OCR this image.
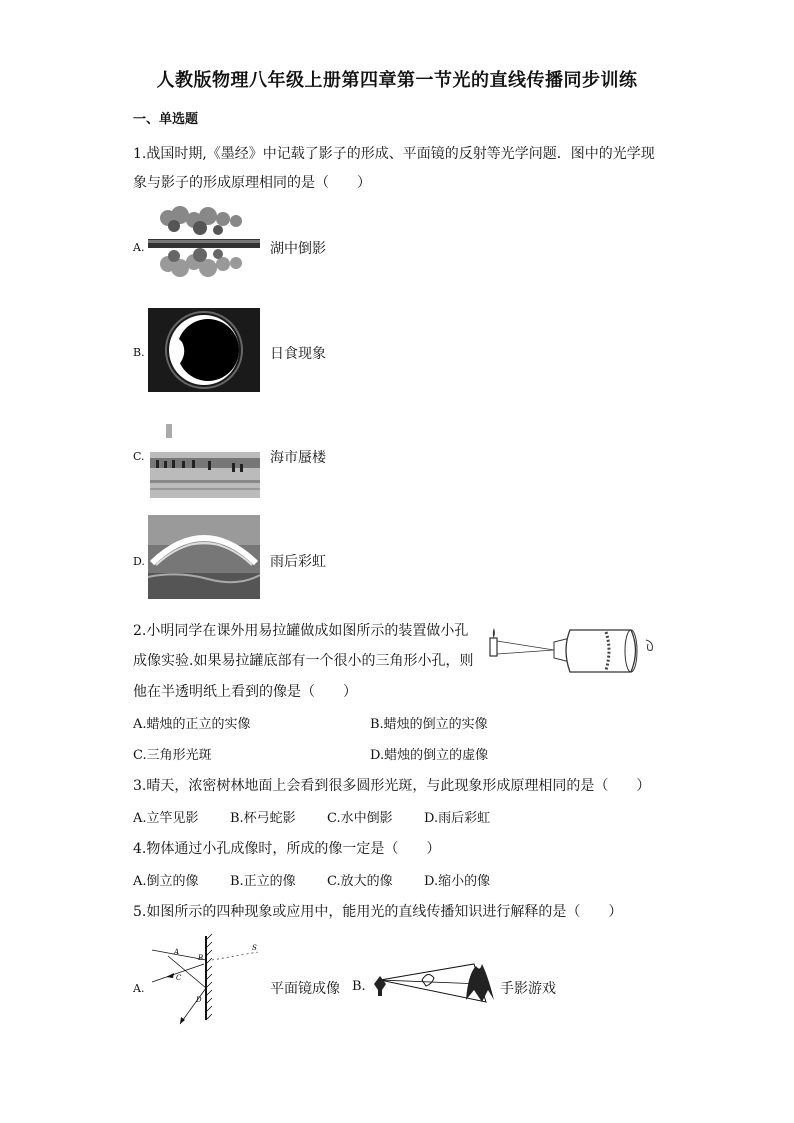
人教版物理八年级上册第四章第一节光的直线传播同步训练
一、单选题
1.战国时期,《墨经》中记载了影子的形成、平面镜的反射等光学问题．图中的光学现
象与影子的形成原理相同的是（　　）
A.	湖中倒影
B.	日食现象
C.	海市蜃楼
D.	雨后彩虹
2.小明同学在课外用易拉罐做成如图所示的装置做小孔
成像实验.如果易拉罐底部有一个很小的三角形小孔，则
他在半透明纸上看到的像是（　　）
A.蜡烛的正立的实像	B.蜡烛的倒立的实像
C.三角形光斑	D.蜡烛的倒立的虚像
3.晴天，浓密树林地面上会看到很多圆形光斑，与此现象形成原理相同的是（　　）
A.立竿见影 B.杯弓蛇影 C.水中倒影 D.雨后彩虹
4.物体通过小孔成像时，所成的像一定是（　　）
A.倒立的像 B.正立的像 C.放大的像 D.缩小的像
5.如图所示的四种现象或应用中，能用光的直线传播知识进行解释的是（　　）
A.
A
B
C
D
S
平面镜成像 B.	手影游戏
